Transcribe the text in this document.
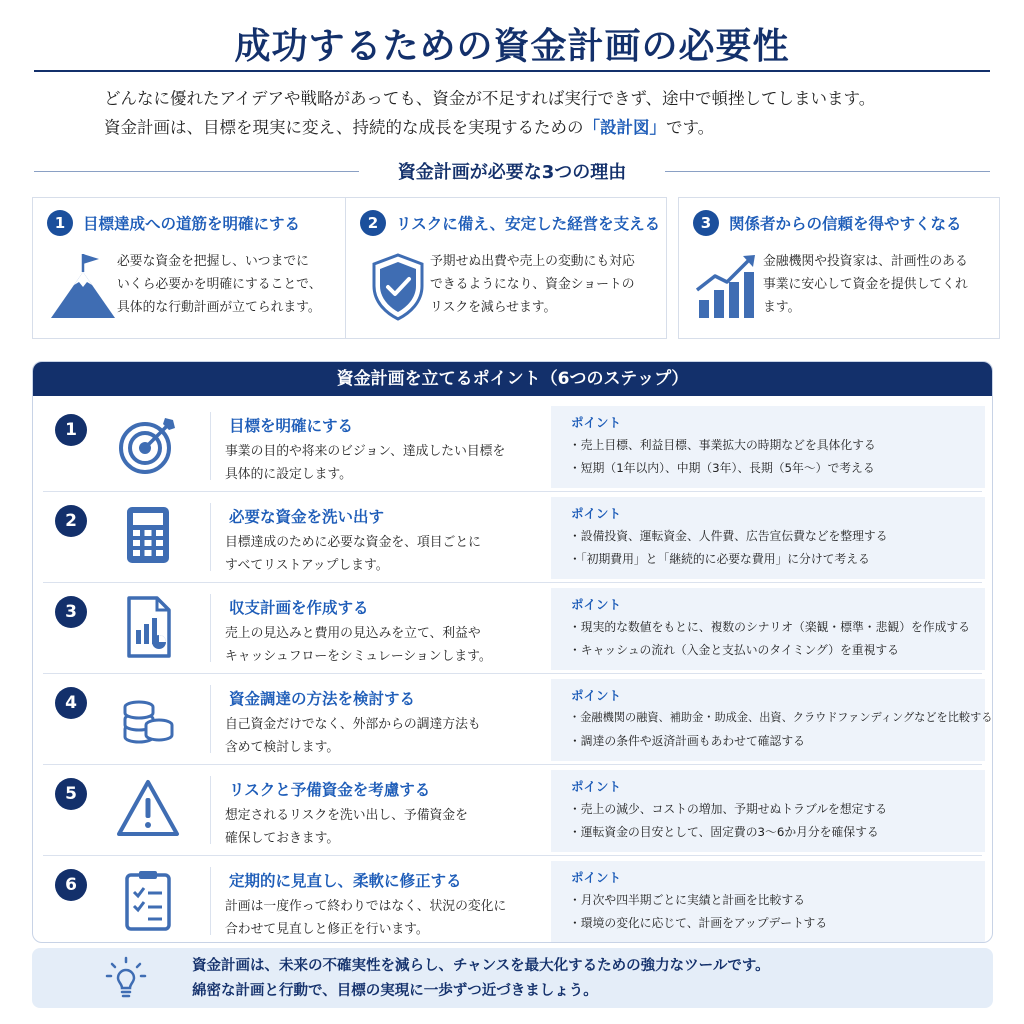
成功するための資金計画の必要性
どんなに優れたアイデアや戦略があっても、資金が不足すれば実行できず、途中で頓挫してしまいます。
資金計画は、目標を現実に変え、持続的な成長を実現するための「設計図」です。
資金計画が必要な3つの理由
1	目標達成への道筋を明確にする
必要な資金を把握し、いつまでに
いくら必要かを明確にすることで、
具体的な行動計画が立てられます。
2	リスクに備え、安定した経営を支える
予期せぬ出費や売上の変動にも対応
できるようになり、資金ショートの
リスクを減らせます。
3	関係者からの信頼を得やすくなる
金融機関や投資家は、計画性のある
事業に安心して資金を提供してくれ
ます。
資金計画を立てるポイント（6つのステップ）
1	目標を明確にする
事業の目的や将来のビジョン、達成したい目標を
具体的に設定します。
ポイント
・売上目標、利益目標、事業拡大の時期などを具体化する
・短期（1年以内）、中期（3年）、長期（5年〜）で考える
2	必要な資金を洗い出す
目標達成のために必要な資金を、項目ごとに
すべてリストアップします。
ポイント
・設備投資、運転資金、人件費、広告宣伝費などを整理する
・「初期費用」と「継続的に必要な費用」に分けて考える
3	収支計画を作成する
売上の見込みと費用の見込みを立て、利益や
キャッシュフローをシミュレーションします。
ポイント
・現実的な数値をもとに、複数のシナリオ（楽観・標準・悲観）を作成する
・キャッシュの流れ（入金と支払いのタイミング）を重視する
4	資金調達の方法を検討する
自己資金だけでなく、外部からの調達方法も
含めて検討します。
ポイント
・金融機関の融資、補助金・助成金、出資、クラウドファンディングなどを比較する
・調達の条件や返済計画もあわせて確認する
5	リスクと予備資金を考慮する
想定されるリスクを洗い出し、予備資金を
確保しておきます。
ポイント
・売上の減少、コストの増加、予期せぬトラブルを想定する
・運転資金の目安として、固定費の3〜6か月分を確保する
6	定期的に見直し、柔軟に修正する
計画は一度作って終わりではなく、状況の変化に
合わせて見直しと修正を行います。
ポイント
・月次や四半期ごとに実績と計画を比較する
・環境の変化に応じて、計画をアップデートする
資金計画は、未来の不確実性を減らし、チャンスを最大化するための強力なツールです。
綿密な計画と行動で、目標の実現に一歩ずつ近づきましょう。
